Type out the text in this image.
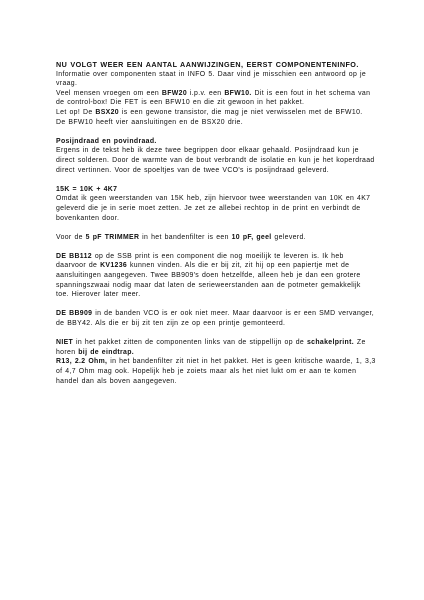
NU VOLGT WEER EEN AANTAL AANWIJZINGEN, EERST COMPONENTENINFO.

Informatie over componenten staat in INFO 5. Daar vind je misschien een antwoord op je vraag.

Veel mensen vroegen om een BFW20 i.p.v. een BFW10. Dit is een fout in het schema van de control-box! Die FET is een BFW10 en die zit gewoon in het pakket.

Let op! De BSX20 is een gewone transistor, die mag je niet verwisselen met de BFW10.

De BFW10 heeft vier aansluitingen en de BSX20 drie.

Posijndraad en povindraad.

Ergens in de tekst heb ik deze twee begrippen door elkaar gehaald. Posijndraad kun je direct solderen. Door de warmte van de bout verbrandt de isolatie en kun je het koperdraad direct vertinnen. Voor de spoeltjes van de twee VCO's is posijndraad geleverd.

15K = 10K + 4K7

Omdat ik geen weerstanden van 15K heb, zijn hiervoor twee weerstanden van 10K en 4K7 geleverd die je in serie moet zetten. Je zet ze allebei rechtop in de print en verbindt de bovenkanten door.

Voor de 5 pF TRIMMER in het bandenfilter is een 10 pF, geel geleverd.

DE BB112 op de SSB print is een component die nog moeilijk te leveren is. Ik heb daarvoor de KV1236 kunnen vinden. Als die er bij zit, zit hij op een papiertje met de aansluitingen aangegeven. Twee BB909's doen hetzelfde, alleen heb je dan een grotere spanningszwaai nodig maar dat laten de serieweerstanden aan de potmeter gemakkelijk toe. Hierover later meer.

DE BB909 in de banden VCO is er ook niet meer. Maar daarvoor is er een SMD vervanger, de BBY42. Als die er bij zit ten zijn ze op een printje gemonteerd.

NIET in het pakket zitten de componenten links van de stippellijn op de schakelprint. Ze horen bij de eindtrap.

R13, 2.2 Ohm, in het bandenfilter zit niet in het pakket. Het is geen kritische waarde, 1, 3,3 of 4,7 Ohm mag ook. Hopelijk heb je zoiets maar als het niet lukt om er aan te komen handel dan als boven aangegeven.
